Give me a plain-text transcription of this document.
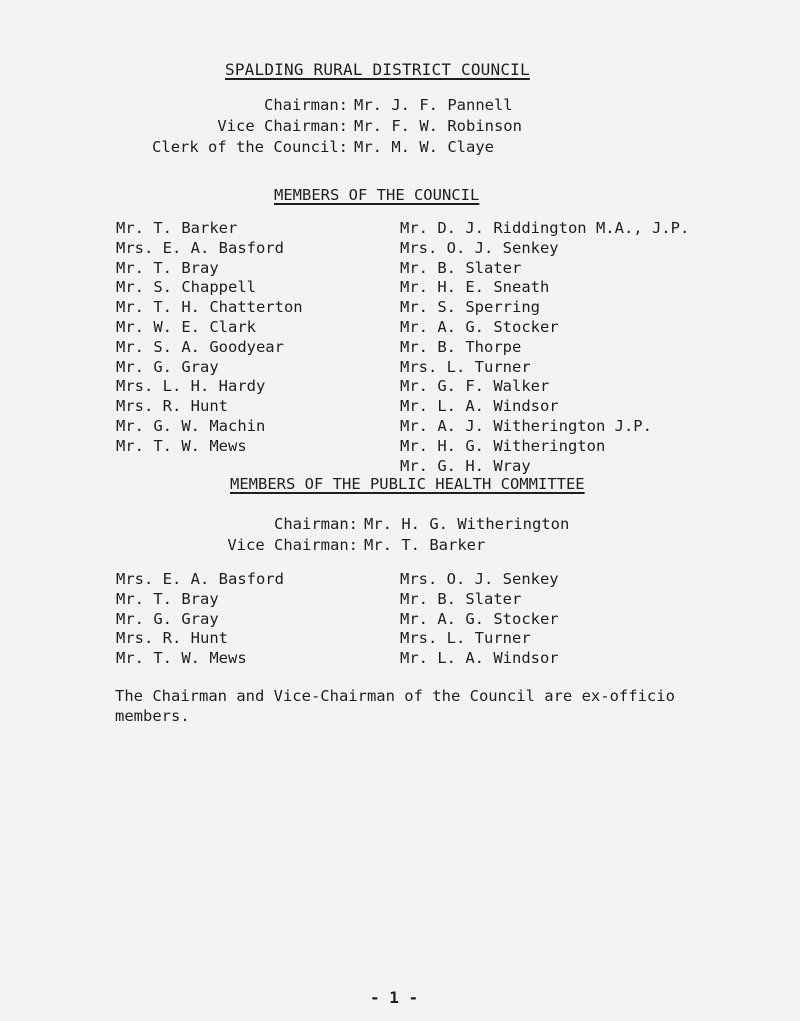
SPALDING RURAL DISTRICT COUNCIL
Chairman: Mr. J. F. Pannell
Vice Chairman: Mr. F. W. Robinson
Clerk of the Council: Mr. M. W. Claye
MEMBERS OF THE COUNCIL
Mr. T. Barker
Mrs. E. A. Basford
Mr. T. Bray
Mr. S. Chappell
Mr. T. H. Chatterton
Mr. W. E. Clark
Mr. S. A. Goodyear
Mr. G. Gray
Mrs. L. H. Hardy
Mrs. R. Hunt
Mr. G. W. Machin
Mr. T. W. Mews
Mr. D. J. Riddington M.A., J.P.
Mrs. O. J. Senkey
Mr. B. Slater
Mr. H. E. Sneath
Mr. S. Sperring
Mr. A. G. Stocker
Mr. B. Thorpe
Mrs. L. Turner
Mr. G. F. Walker
Mr. L. A. Windsor
Mr. A. J. Witherington J.P.
Mr. H. G. Witherington
Mr. G. H. Wray
MEMBERS OF THE PUBLIC HEALTH COMMITTEE
Chairman: Mr. H. G. Witherington
Vice Chairman: Mr. T. Barker
Mrs. E. A. Basford
Mr. T. Bray
Mr. G. Gray
Mrs. R. Hunt
Mr. T. W. Mews
Mrs. O. J. Senkey
Mr. B. Slater
Mr. A. G. Stocker
Mrs. L. Turner
Mr. L. A. Windsor
The Chairman and Vice-Chairman of the Council are ex-officio members.
- 1 -
